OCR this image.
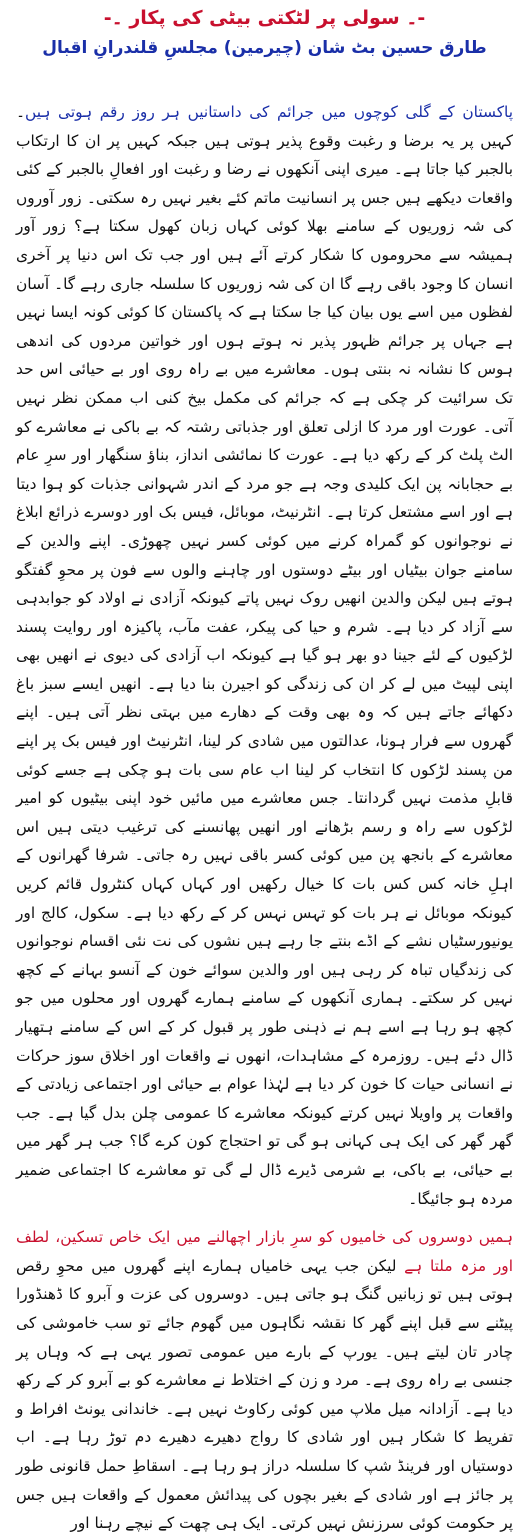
-۔ سولی پر لٹکتی بیٹی کی پکار ۔-

طارق حسین بٹ شان (چیرمین) مجلسِ قلندرانِ اقبال

پاکستان کے گلی کوچوں میں جرائم کی داستانیں ہر روز رقم ہوتی ہیں۔ کہیں پر یہ برضا و رغبت وقوع پذیر ہوتی ہیں جبکہ کہیں پر ان کا ارتکاب بالجبر کیا جاتا ہے۔ میری اپنی آنکھوں نے رضا و رغبت اور افعالِ بالجبر کے کئی واقعات دیکھے ہیں جس پر انسانیت ماتم کئے بغیر نہیں رہ سکتی۔ زور آوروں کی شہ زوریوں کے سامنے بھلا کوئی کہاں زبان کھول سکتا ہے؟ زور آور ہمیشہ سے محروموں کا شکار کرتے آئے ہیں اور جب تک اس دنیا پر آخری انسان کا وجود باقی رہے گا ان کی شہ زوریوں کا سلسلہ جاری رہے گا۔ آسان لفظوں میں اسے یوں بیان کیا جا سکتا ہے کہ پاکستان کا کوئی کونہ ایسا نہیں ہے جہاں پر جرائم ظہور پذیر نہ ہوتے ہوں اور خواتین مردوں کی اندھی ہوس کا نشانہ نہ بنتی ہوں۔ معاشرے میں بے راہ روی اور بے حیائی اس حد تک سرائیت کر چکی ہے کہ جرائم کی مکمل بیخ کنی اب ممکن نظر نہیں آتی۔ عورت اور مرد کا ازلی تعلق اور جذباتی رشتہ کہ بے باکی نے معاشرے کو الٹ پلٹ کر کے رکھ دیا ہے۔ عورت کا نمائشی انداز، بناؤ سنگھار اور سرِ عام بے حجابانہ پن ایک کلیدی وجہ ہے جو مرد کے اندر شہوانی جذبات کو ہوا دیتا ہے اور اسے مشتعل کرتا ہے۔ انٹرنیٹ، موبائل، فیس بک اور دوسرے ذرائع ابلاغ نے نوجوانوں کو گمراہ کرنے میں کوئی کسر نہیں چھوڑی۔ اپنے والدین کے سامنے جوان بیٹیاں اور بیٹے دوستوں اور چاہنے والوں سے فون پر محوِ گفتگو ہوتے ہیں لیکن والدین انھیں روک نہیں پاتے کیونکہ آزادی نے اولاد کو جوابدہی سے آزاد کر دیا ہے۔ شرم و حیا کی پیکر، عفت مآب، پاکیزہ اور روایت پسند لڑکیوں کے لئے جینا دو بھر ہو گیا ہے کیونکہ اب آزادی کی دیوی نے انھیں بھی اپنی لپیٹ میں لے کر ان کی زندگی کو اجیرن بنا دیا ہے۔ انھیں ایسے سبز باغ دکھائے جاتے ہیں کہ وہ بھی وقت کے دھارے میں بہتی نظر آتی ہیں۔ اپنے گھروں سے فرار ہونا، عدالتوں میں شادی کر لینا، انٹرنیٹ اور فیس بک پر اپنے من پسند لڑکوں کا انتخاب کر لینا اب عام سی بات ہو چکی ہے جسے کوئی قابلِ مذمت نہیں گردانتا۔ جس معاشرے میں مائیں خود اپنی بیٹیوں کو امیر لڑکوں سے راہ و رسم بڑھانے اور انھیں پھانسنے کی ترغیب دیتی ہیں اس معاشرے کے بانجھ پن میں کوئی کسر باقی نہیں رہ جاتی۔ شرفا گھرانوں کے اہلِ خانہ کس کس بات کا خیال رکھیں اور کہاں کہاں کنٹرول قائم کریں کیونکہ موبائل نے ہر بات کو تہس نہس کر کے رکھ دیا ہے۔ سکول، کالج اور یونیورسٹیاں نشے کے اڈے بنتے جا رہے ہیں نشوں کی نت نئی اقسام نوجوانوں کی زندگیاں تباہ کر رہی ہیں اور والدین سوائے خون کے آنسو بہانے کے کچھ نہیں کر سکتے۔ ہماری آنکھوں کے سامنے ہمارے گھروں اور محلوں میں جو کچھ ہو رہا ہے اسے ہم نے ذہنی طور پر قبول کر کے اس کے سامنے ہتھیار ڈال دئے ہیں۔ روزمرہ کے مشاہدات، انھوں نے واقعات اور اخلاق سوز حرکات نے انسانی حیات کا خون کر دیا ہے لہٰذا عوام بے حیائی اور اجتماعی زیادتی کے واقعات پر واویلا نہیں کرتے کیونکہ معاشرے کا عمومی چلن بدل گیا ہے۔ جب گھر گھر کی ایک ہی کہانی ہو گی تو احتجاج کون کرے گا؟ جب ہر گھر میں بے حیائی، بے باکی، بے شرمی ڈیرے ڈال لے گی تو معاشرے کا اجتماعی ضمیر مردہ ہو جائیگا۔

ہمیں دوسروں کی خامیوں کو سرِ بازار اچھالنے میں ایک خاص تسکین، لطف اور مزہ ملتا ہے لیکن جب یہی خامیاں ہمارے اپنے گھروں میں محوِ رقص ہوتی ہیں تو زبانیں گنگ ہو جاتی ہیں۔ دوسروں کی عزت و آبرو کا ڈھنڈورا پیٹنے سے قبل اپنے گھر کا نقشہ نگاہوں میں گھوم جائے تو سب خاموشی کی چادر تان لیتے ہیں۔ یورپ کے بارے میں عمومی تصور یہی ہے کہ وہاں پر جنسی بے راہ روی ہے۔ مرد و زن کے اختلاط نے معاشرے کو بے آبرو کر کے رکھ دیا ہے۔ آزادانہ میل ملاپ میں کوئی رکاوٹ نہیں ہے۔ خاندانی یونٹ افراط و تفریط کا شکار ہیں اور شادی کا رواج دھیرے دھیرے دم توڑ رہا ہے۔ اب دوستیاں اور فرینڈ شپ کا سلسلہ دراز ہو رہا ہے۔ اسقاطِ حمل قانونی طور پر جائز ہے اور شادی کے بغیر بچوں کی پیدائش معمول کے واقعات ہیں جس پر حکومت کوئی سرزنش نہیں کرتی۔ ایک ہی چھت کے نیچے رہنا اور
